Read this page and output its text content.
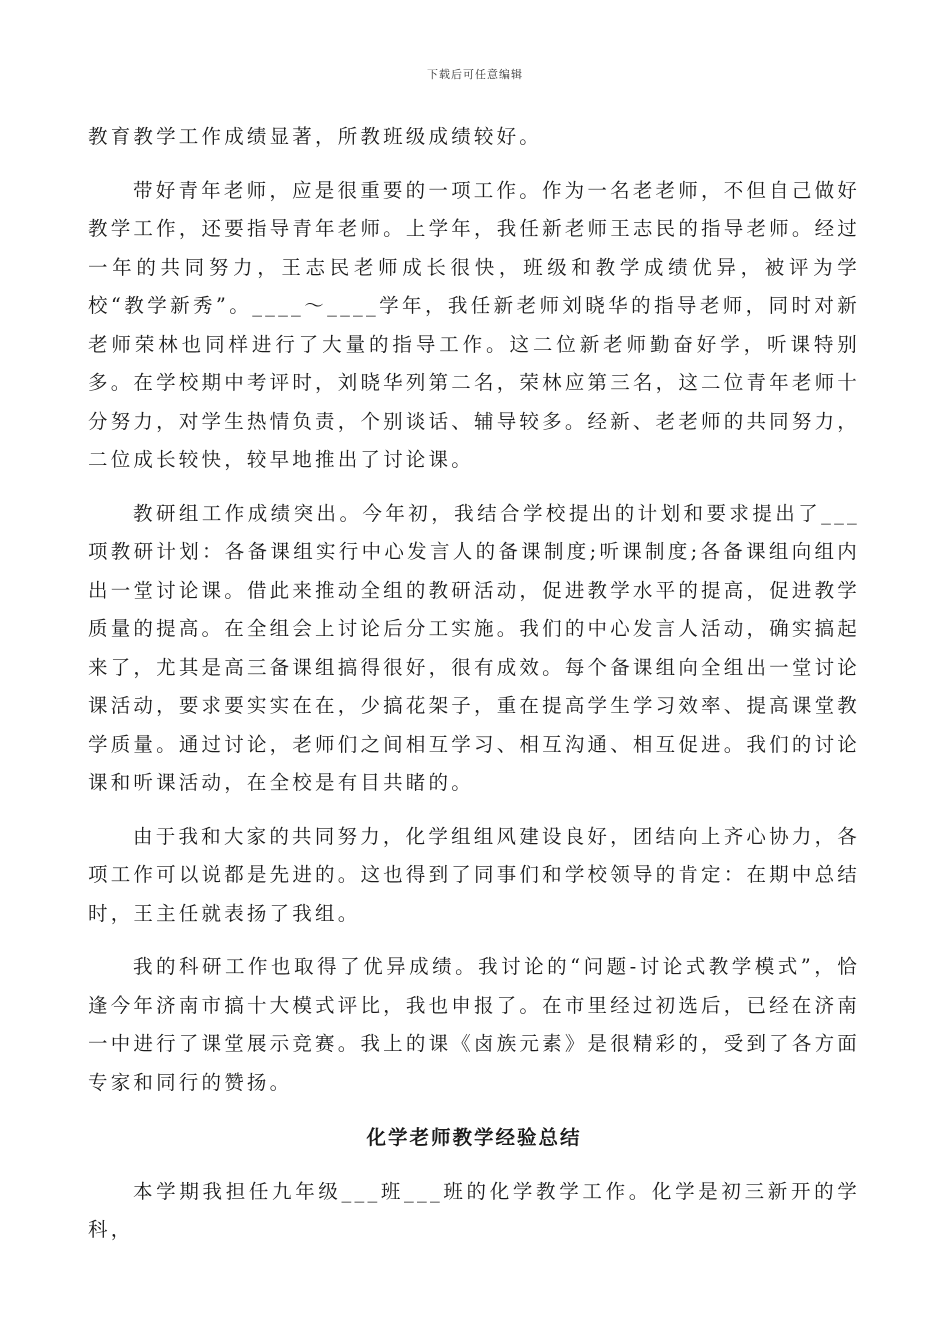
下载后可任意编辑

教育教学工作成绩显著，所教班级成绩较好。

带好青年老师，应是很重要的一项工作。作为一名老老师，不但自己做好教学工作，还要指导青年老师。上学年，我任新老师王志民的指导老师。经过一年的共同努力，王志民老师成长很快，班级和教学成绩优异，被评为学校“教学新秀”。____～____学年，我任新老师刘晓华的指导老师，同时对新老师荣林也同样进行了大量的指导工作。这二位新老师勤奋好学，听课特别多。在学校期中考评时，刘晓华列第二名，荣林应第三名，这二位青年老师十分努力，对学生热情负责，个别谈话、辅导较多。经新、老老师的共同努力，二位成长较快，较早地推出了讨论课。

教研组工作成绩突出。今年初，我结合学校提出的计划和要求提出了___项教研计划：各备课组实行中心发言人的备课制度;听课制度;各备课组向组内出一堂讨论课。借此来推动全组的教研活动，促进教学水平的提高，促进教学质量的提高。在全组会上讨论后分工实施。我们的中心发言人活动，确实搞起来了，尤其是高三备课组搞得很好，很有成效。每个备课组向全组出一堂讨论课活动，要求要实实在在，少搞花架子，重在提高学生学习效率、提高课堂教学质量。通过讨论，老师们之间相互学习、相互沟通、相互促进。我们的讨论课和听课活动，在全校是有目共睹的。

由于我和大家的共同努力，化学组组风建设良好，团结向上齐心协力，各项工作可以说都是先进的。这也得到了同事们和学校领导的肯定：在期中总结时，王主任就表扬了我组。

我的科研工作也取得了优异成绩。我讨论的“问题-讨论式教学模式”，恰逢今年济南市搞十大模式评比，我也申报了。在市里经过初选后，已经在济南一中进行了课堂展示竞赛。我上的课《卤族元素》是很精彩的，受到了各方面专家和同行的赞扬。

化学老师教学经验总结

本学期我担任九年级___班___班的化学教学工作。化学是初三新开的学科，
